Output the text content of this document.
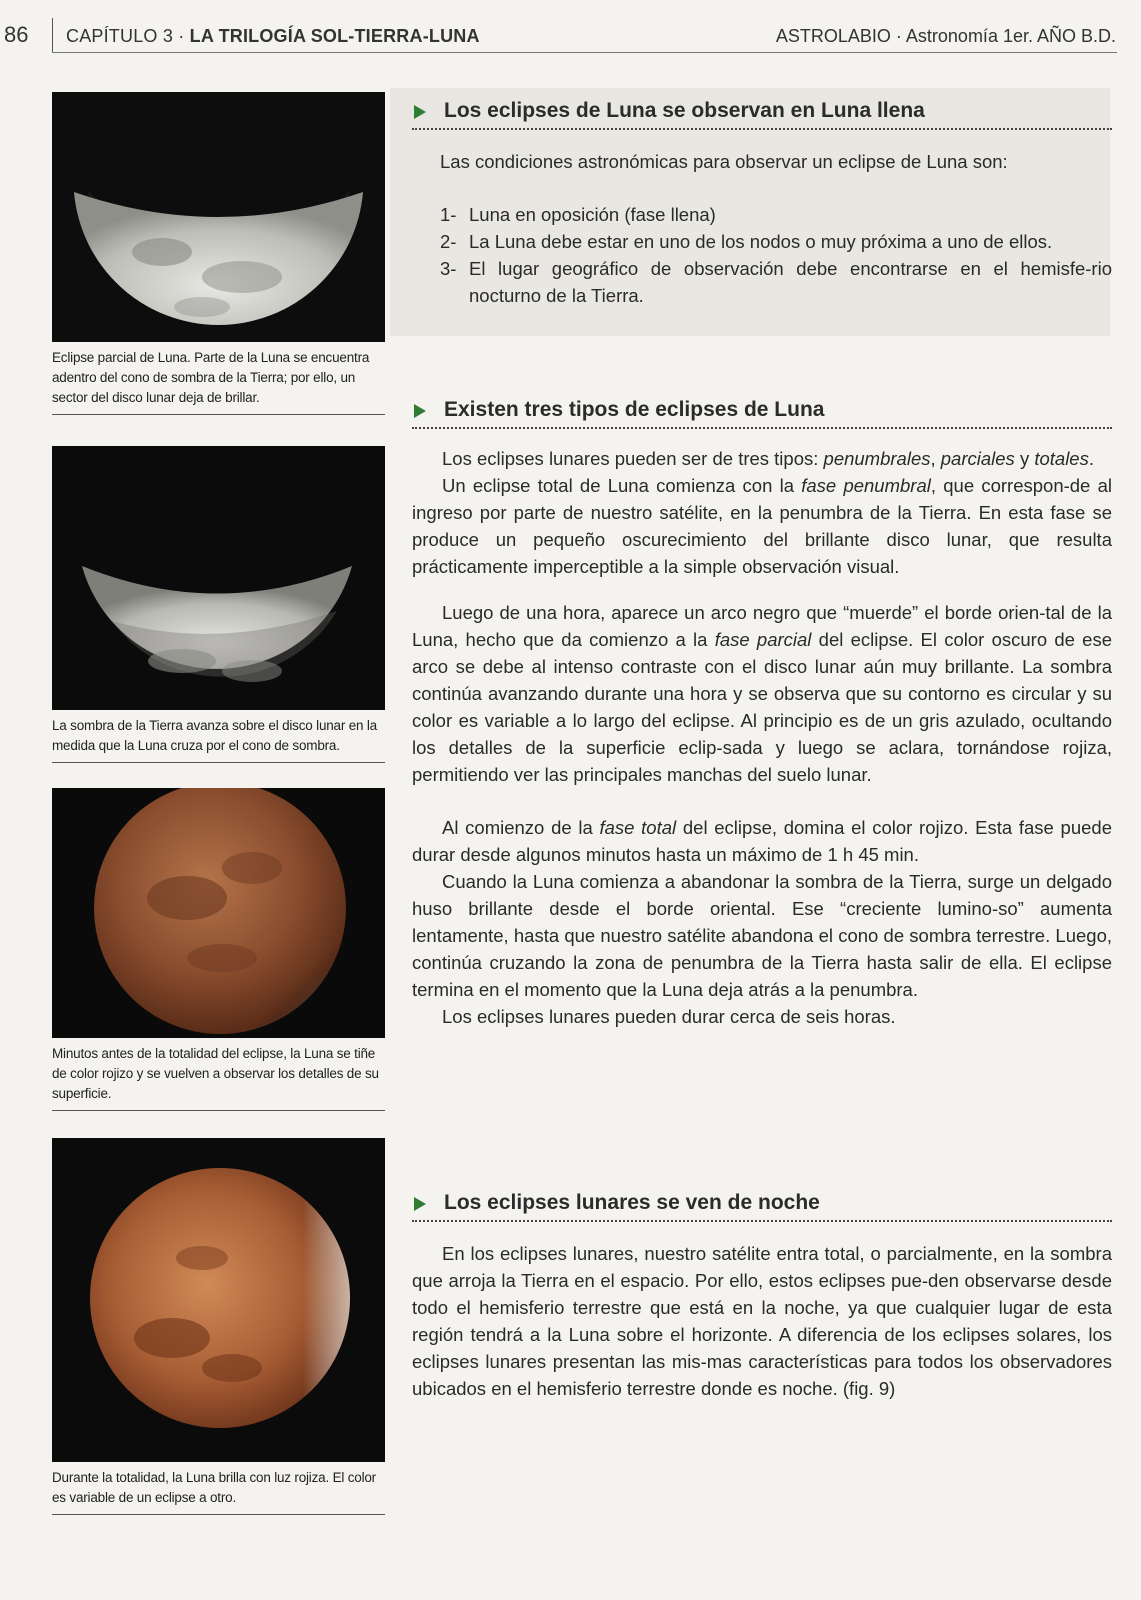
86 CAPÍTULO 3 · LA TRILOGÍA SOL-TIERRA-LUNA	ASTROLABIO · Astronomía 1er. AÑO B.D.
Eclipse parcial de Luna. Parte de la Luna se encuentra adentro del cono de sombra de la Tierra; por ello, un sector del disco lunar deja de brillar.
La sombra de la Tierra avanza sobre el disco lunar en la medida que la Luna cruza por el cono de sombra.
Minutos antes de la totalidad del eclipse, la Luna se tiñe de color rojizo y se vuelven a observar los detalles de su superficie.
Durante la totalidad, la Luna brilla con luz rojiza. El color es variable de un eclipse a otro.
Los eclipses de Luna se observan en Luna llena

Las condiciones astronómicas para observar un eclipse de Luna son:

1- Luna en oposición (fase llena)
2- La Luna debe estar en uno de los nodos o muy próxima a uno de ellos.
3- El lugar geográfico de observación debe encontrarse en el hemisfe-rio nocturno de la Tierra.
Existen tres tipos de eclipses de Luna

Los eclipses lunares pueden ser de tres tipos: penumbrales, parciales y totales.

Un eclipse total de Luna comienza con la fase penumbral, que correspon-de al ingreso por parte de nuestro satélite, en la penumbra de la Tierra. En esta fase se produce un pequeño oscurecimiento del brillante disco lunar, que resulta prácticamente imperceptible a la simple observación visual.

Luego de una hora, aparece un arco negro que “muerde” el borde orien-tal de la Luna, hecho que da comienzo a la fase parcial del eclipse. El color oscuro de ese arco se debe al intenso contraste con el disco lunar aún muy brillante. La sombra continúa avanzando durante una hora y se observa que su contorno es circular y su color es variable a lo largo del eclipse. Al principio es de un gris azulado, ocultando los detalles de la superficie eclip-sada y luego se aclara, tornándose rojiza, permitiendo ver las principales manchas del suelo lunar.

Al comienzo de la fase total del eclipse, domina el color rojizo. Esta fase puede durar desde algunos minutos hasta un máximo de 1 h 45 min.

Cuando la Luna comienza a abandonar la sombra de la Tierra, surge un delgado huso brillante desde el borde oriental. Ese “creciente lumino-so” aumenta lentamente, hasta que nuestro satélite abandona el cono de sombra terrestre. Luego, continúa cruzando la zona de penumbra de la Tierra hasta salir de ella. El eclipse termina en el momento que la Luna deja atrás a la penumbra.

Los eclipses lunares pueden durar cerca de seis horas.

Los eclipses lunares se ven de noche

En los eclipses lunares, nuestro satélite entra total, o parcialmente, en la sombra que arroja la Tierra en el espacio. Por ello, estos eclipses pue-den observarse desde todo el hemisferio terrestre que está en la noche, ya que cualquier lugar de esta región tendrá a la Luna sobre el horizonte. A diferencia de los eclipses solares, los eclipses lunares presentan las mis-mas características para todos los observadores ubicados en el hemisferio terrestre donde es noche. (fig. 9)
